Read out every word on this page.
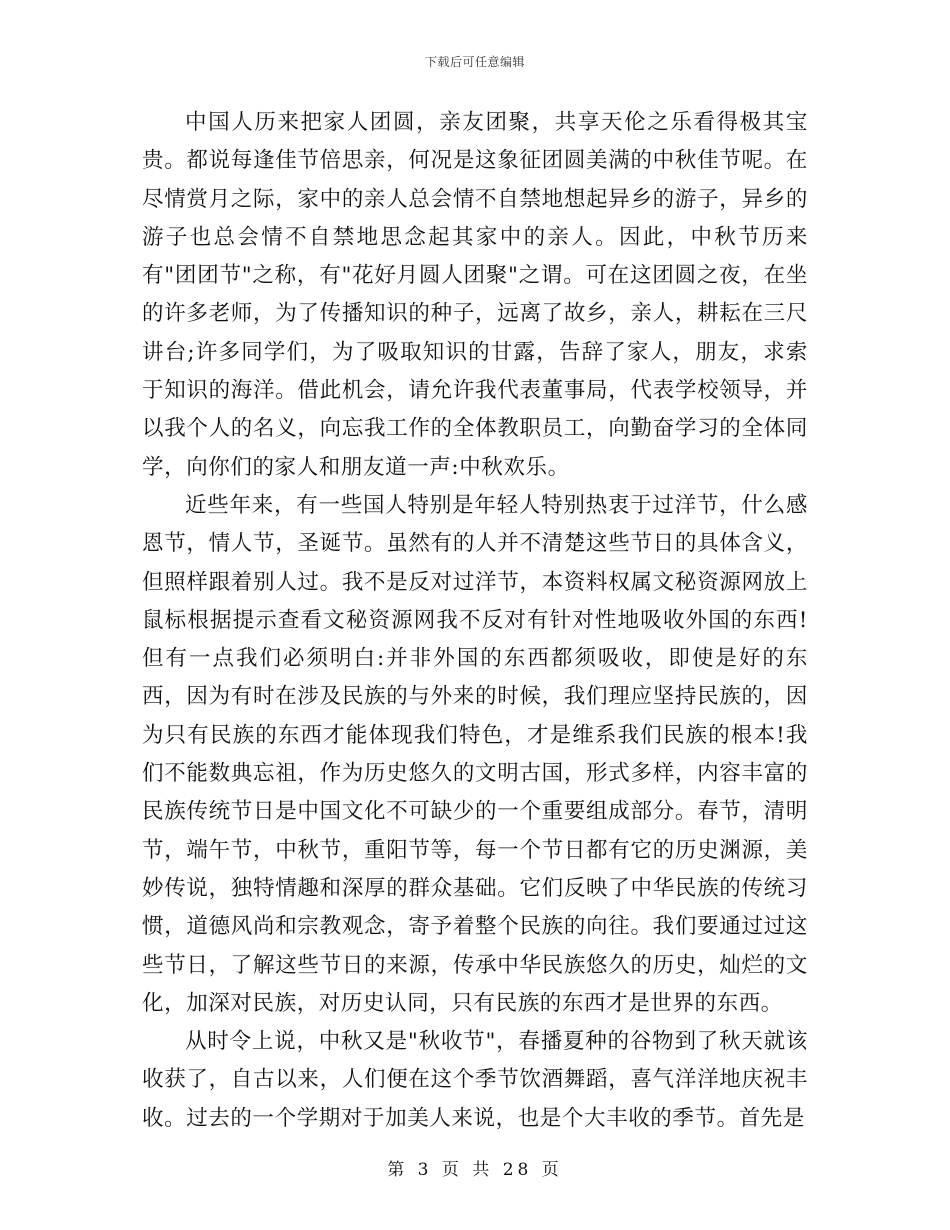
下载后可任意编辑

中国人历来把家人团圆，亲友团聚，共享天伦之乐看得极其宝贵。都说每逢佳节倍思亲，何况是这象征团圆美满的中秋佳节呢。在尽情赏月之际，家中的亲人总会情不自禁地想起异乡的游子，异乡的游子也总会情不自禁地思念起其家中的亲人。因此，中秋节历来有"团团节"之称，有"花好月圆人团聚"之谓。可在这团圆之夜，在坐的许多老师，为了传播知识的种子，远离了故乡，亲人，耕耘在三尺讲台;许多同学们，为了吸取知识的甘露，告辞了家人，朋友，求索于知识的海洋。借此机会，请允许我代表董事局，代表学校领导，并以我个人的名义，向忘我工作的全体教职员工，向勤奋学习的全体同学，向你们的家人和朋友道一声:中秋欢乐。

近些年来，有一些国人特别是年轻人特别热衷于过洋节，什么感恩节，情人节，圣诞节。虽然有的人并不清楚这些节日的具体含义，但照样跟着别人过。我不是反对过洋节，本资料权属文秘资源网放上鼠标根据提示查看文秘资源网我不反对有针对性地吸收外国的东西!但有一点我们必须明白:并非外国的东西都须吸收，即使是好的东西，因为有时在涉及民族的与外来的时候，我们理应坚持民族的，因为只有民族的东西才能体现我们特色，才是维系我们民族的根本!我们不能数典忘祖，作为历史悠久的文明古国，形式多样，内容丰富的民族传统节日是中国文化不可缺少的一个重要组成部分。春节，清明节，端午节，中秋节，重阳节等，每一个节日都有它的历史渊源，美妙传说，独特情趣和深厚的群众基础。它们反映了中华民族的传统习惯，道德风尚和宗教观念，寄予着整个民族的向往。我们要通过过这些节日，了解这些节日的来源，传承中华民族悠久的历史，灿烂的文化，加深对民族，对历史认同，只有民族的东西才是世界的东西。

从时令上说，中秋又是"秋收节"，春播夏种的谷物到了秋天就该收获了，自古以来，人们便在这个季节饮酒舞蹈，喜气洋洋地庆祝丰收。过去的一个学期对于加美人来说，也是个大丰收的季节。首先是

第 3 页 共 28 页
